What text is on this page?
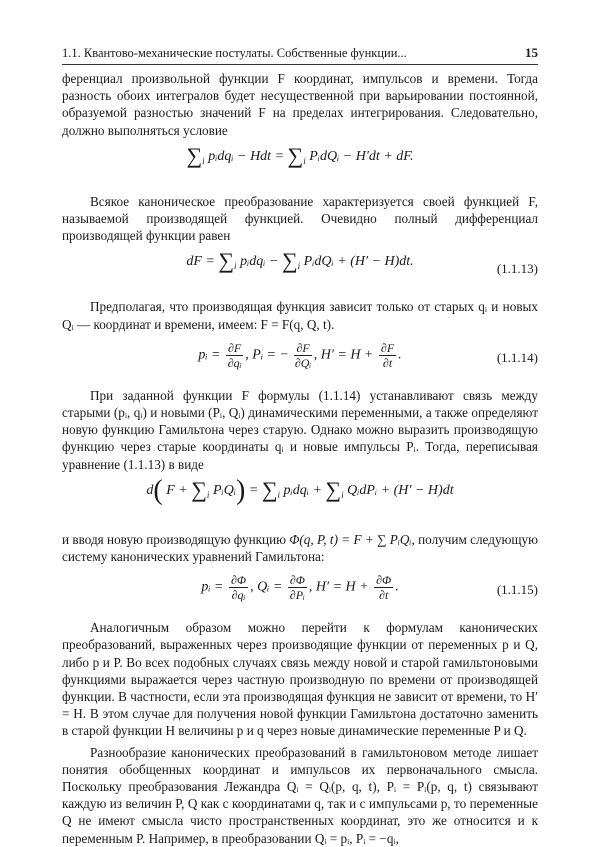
1.1. Квантово-механические постулаты. Собственные функции...	15

ференциал произвольной функции F координат, импульсов и времени. Тогда разность обоих интегралов будет несущественной при варьировании постоянной, образуемой разностью значений F на пределах интегрирования. Следовательно, должно выполняться условие

$\sum_i$ pᵢdqᵢ − Hdt = $\sum_i$ PᵢdQᵢ − H′dt + dF.

Всякое каноническое преобразование характеризуется своей функцией F, называемой производящей функцией. Очевидно полный дифференциал производящей функции равен

dF = $\sum_i$ pᵢdqᵢ − $\sum_i$ PᵢdQᵢ + (H′ − H)dt.	(1.1.13)

Предполагая, что производящая функция зависит только от старых qᵢ и новых Qᵢ — координат и времени, имеем: F = F(q, Q, t).

pᵢ = $\frac{\partial F}{\text{∂qᵢ}}$ , Pᵢ = − $\frac{\partial F}{\text{∂Qᵢ}}$ , $H' = H + \frac{\partial F}{\partial t}$ .	(1.1.14)

При заданной функции F формулы (1.1.14) устанавливают связь между старыми (pᵢ, qᵢ) и новыми (Pᵢ, Qᵢ) динамическими переменными, а также определяют новую функцию Гамильтона через старую. Однако можно выразить производящую функцию через старые координаты qᵢ и новые импульсы Pᵢ. Тогда, переписывая уравнение (1.1.13) в виде

d( $F + \sum_i$ PᵢQᵢ) = $\sum_i$ pᵢdqᵢ + $\sum_i$ QᵢdPᵢ + (H′ − H)dt

и вводя новую производящую функцию Φ(q, P, t) = F + ∑ PᵢQᵢ, получим следующую систему канонических уравнений Гамильтона:

pᵢ = $\frac{\partial\Phi}{\text{∂qᵢ}}$ , Qᵢ = $\frac{\partial\Phi}{\text{∂Pᵢ}}$ , $H' = H + \frac{\partial\Phi}{\partial t}$ .	(1.1.15)

Аналогичным образом можно перейти к формулам канонических преобразований, выраженных через производящие функции от переменных p и Q, либо p и P. Во всех подобных случаях связь между новой и старой гамильтоновыми функциями выражается через частную производную по времени от производящей функции. В частности, если эта производящая функция не зависит от времени, то H′ = H. В этом случае для получения новой функции Гамильтона достаточно заменить в старой функции H величины p и q через новые динамические переменные P и Q.

Разнообразие канонических преобразований в гамильтоновом методе лишает понятия обобщенных координат и импульсов их первоначального смысла. Поскольку преобразования Лежандра Qᵢ = Qᵢ(p, q, t), Pᵢ = Pᵢ(p, q, t) связывают каждую из величин P, Q как с координатами q, так и с импульсами p, то переменные Q не имеют смысла чисто пространственных координат, это же относится и к переменным P. Например, в преобразовании Qᵢ = pᵢ, Pᵢ = −qᵢ,
